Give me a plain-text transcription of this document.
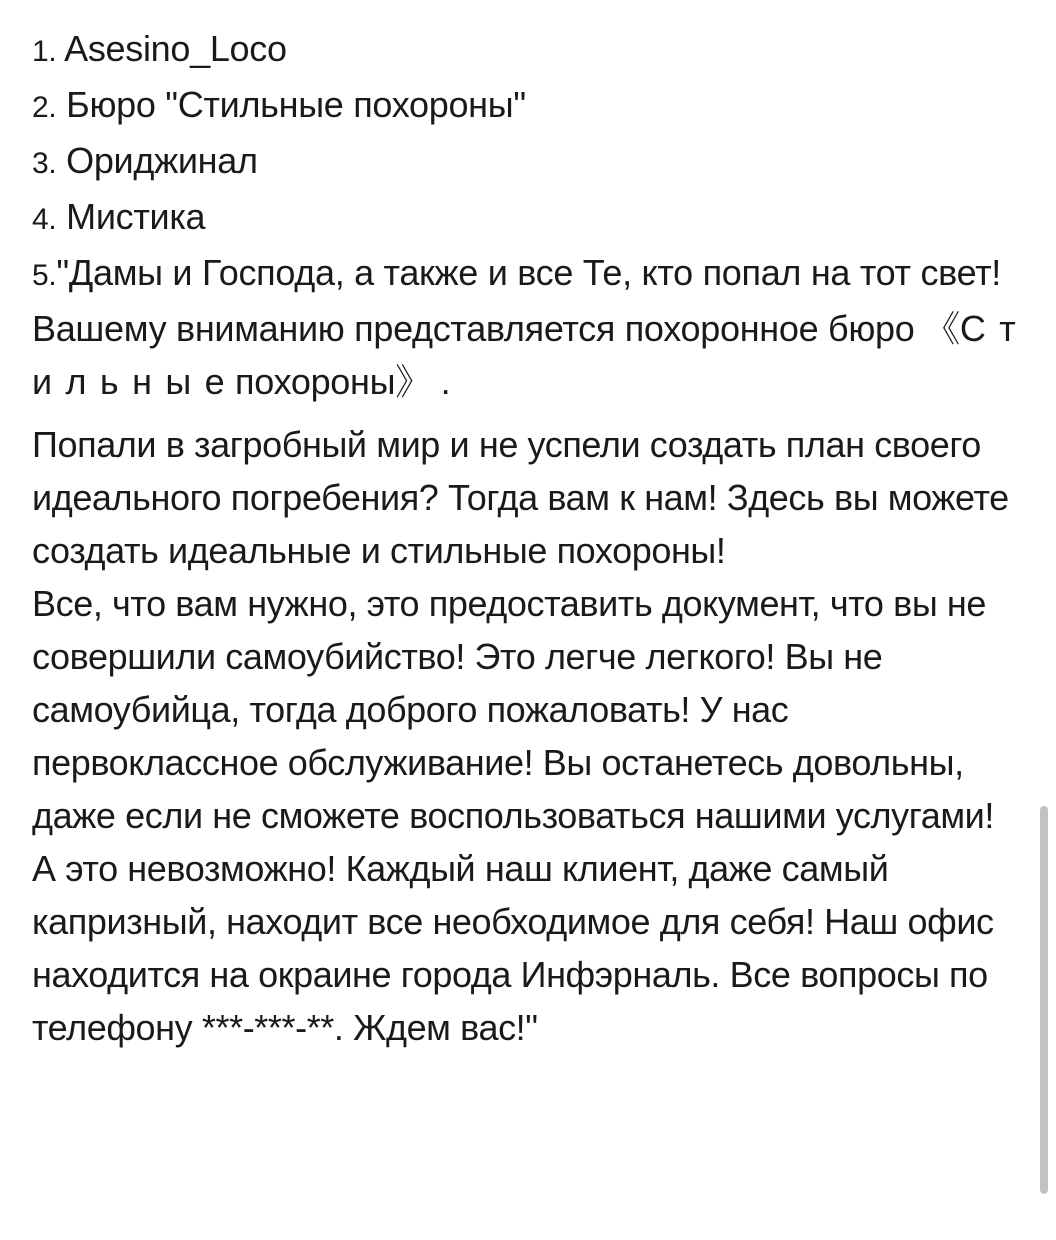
1. Asesino_Loco
2. Бюро "Стильные похороны"
3. Ориджинал
4. Мистика
5."Дамы и Господа, а также и все Те, кто попал на тот свет! Вашему вниманию представляется похоронное бюро 《С т и л ь н ы е похороны》 .
Попали в загробный мир и не успели создать план своего идеального погребения? Тогда вам к нам! Здесь вы можете создать идеальные и стильные похороны!
Все, что вам нужно, это предоставить документ, что вы не совершили самоубийство! Это легче легкого! Вы не самоубийца, тогда доброго пожаловать! У нас первоклассное обслуживание! Вы останетесь довольны, даже если не сможете воспользоваться нашими услугами! А это невозможно! Каждый наш клиент, даже самый капризный, находит все необходимое для себя! Наш офис находится на окраине города Инфэрналь. Все вопросы по телефону ***-***-**. Ждем вас!"
